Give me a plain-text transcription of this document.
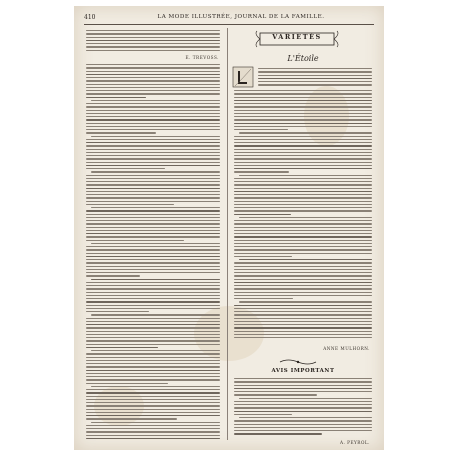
410	LA MODE ILLUSTRÉE, JOURNAL DE LA FAMILLE.
E. TREVOSS.
VARIETÉS
L'Étoile
ANNE MULHORN.
AVIS IMPORTANT
A. PEYROL.
